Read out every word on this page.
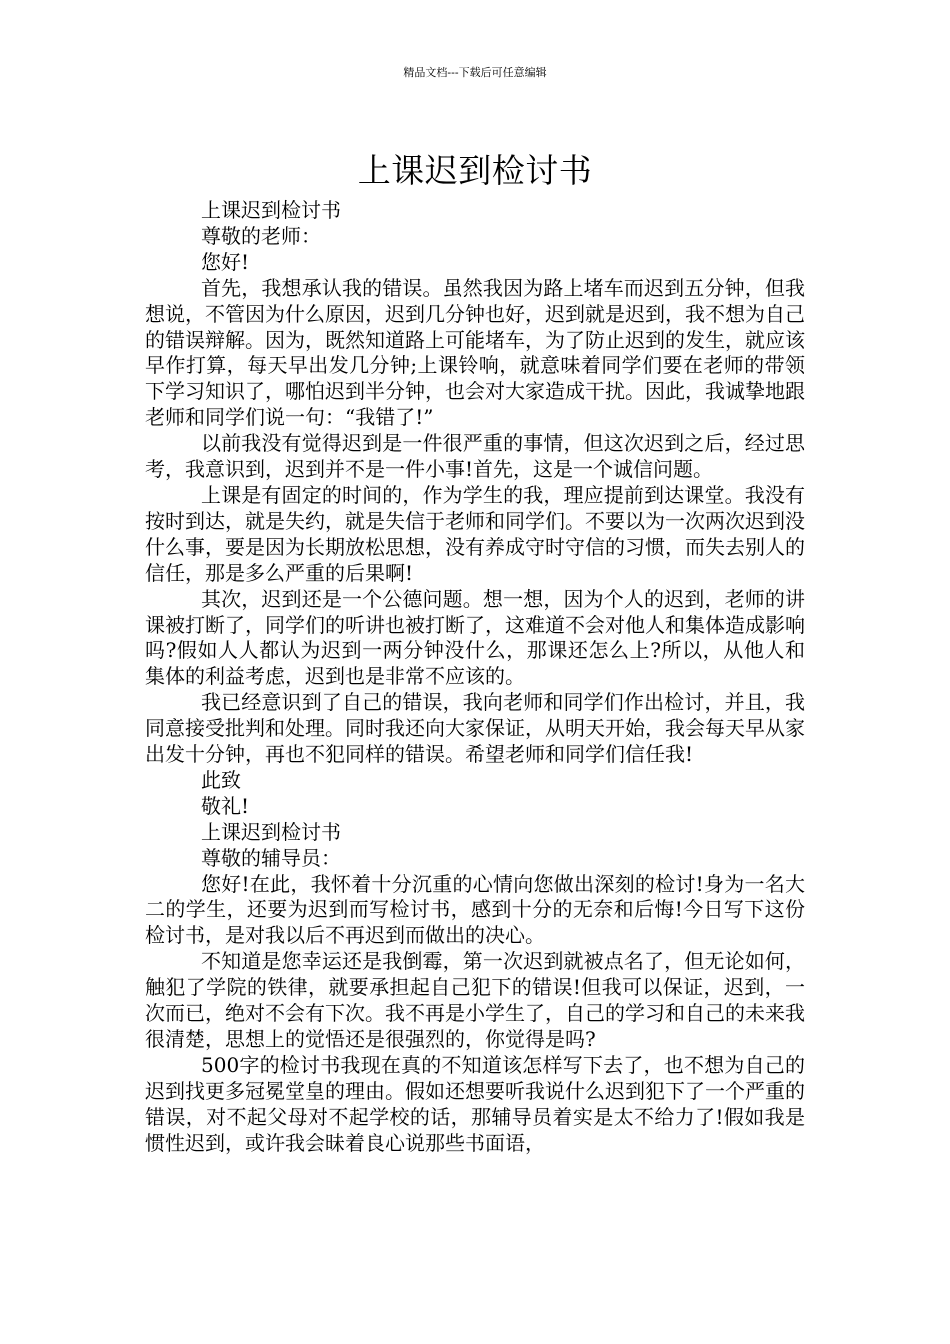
精品文档---下载后可任意编辑
上课迟到检讨书

上课迟到检讨书

尊敬的老师：

您好!

首先，我想承认我的错误。虽然我因为路上堵车而迟到五分钟，但我想说，不管因为什么原因，迟到几分钟也好，迟到就是迟到，我不想为自己的错误辩解。因为，既然知道路上可能堵车，为了防止迟到的发生，就应该早作打算，每天早出发几分钟;上课铃响，就意味着同学们要在老师的带领下学习知识了，哪怕迟到半分钟，也会对大家造成干扰。因此，我诚挚地跟老师和同学们说一句：“我错了!”

以前我没有觉得迟到是一件很严重的事情，但这次迟到之后，经过思考，我意识到，迟到并不是一件小事!首先，这是一个诚信问题。

上课是有固定的时间的，作为学生的我，理应提前到达课堂。我没有按时到达，就是失约，就是失信于老师和同学们。不要以为一次两次迟到没什么事，要是因为长期放松思想，没有养成守时守信的习惯，而失去别人的信任，那是多么严重的后果啊!

其次，迟到还是一个公德问题。想一想，因为个人的迟到，老师的讲课被打断了，同学们的听讲也被打断了，这难道不会对他人和集体造成影响吗?假如人人都认为迟到一两分钟没什么，那课还怎么上?所以，从他人和集体的利益考虑，迟到也是非常不应该的。

我已经意识到了自己的错误，我向老师和同学们作出检讨，并且，我同意接受批判和处理。同时我还向大家保证，从明天开始，我会每天早从家出发十分钟，再也不犯同样的错误。希望老师和同学们信任我!

此致

敬礼!

上课迟到检讨书

尊敬的辅导员：

您好!在此，我怀着十分沉重的心情向您做出深刻的检讨!身为一名大二的学生，还要为迟到而写检讨书，感到十分的无奈和后悔!今日写下这份检讨书，是对我以后不再迟到而做出的决心。

不知道是您幸运还是我倒霉，第一次迟到就被点名了，但无论如何，触犯了学院的铁律，就要承担起自己犯下的错误!但我可以保证，迟到，一次而已，绝对不会有下次。我不再是小学生了，自己的学习和自己的未来我很清楚，思想上的觉悟还是很强烈的，你觉得是吗?

500字的检讨书我现在真的不知道该怎样写下去了，也不想为自己的迟到找更多冠冕堂皇的理由。假如还想要听我说什么迟到犯下了一个严重的错误，对不起父母对不起学校的话，那辅导员着实是太不给力了!假如我是惯性迟到，或许我会昧着良心说那些书面语，
